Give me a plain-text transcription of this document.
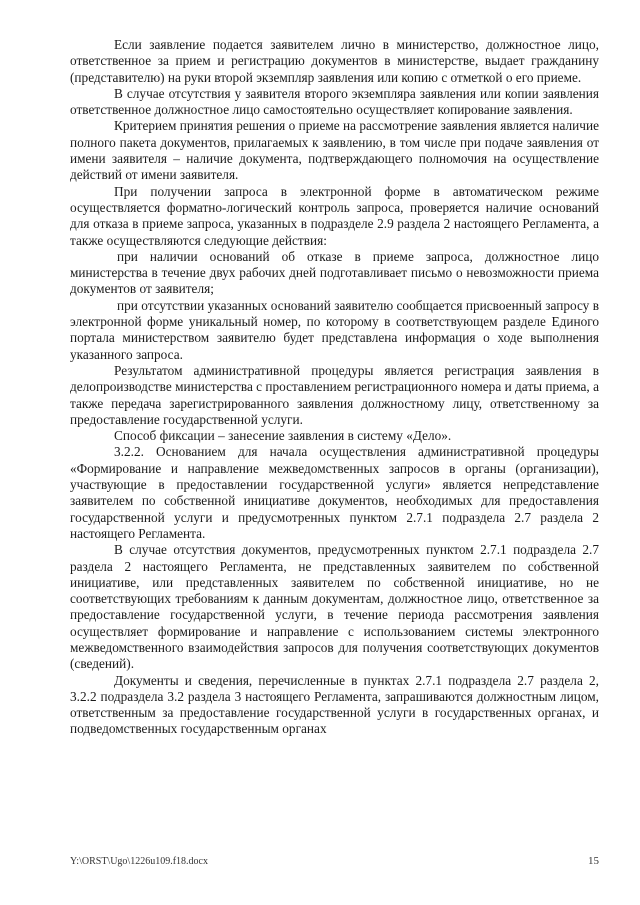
Если заявление подается заявителем лично в министерство, должностное лицо, ответственное за прием и регистрацию документов в министерстве, выдает гражданину (представителю) на руки второй экземпляр заявления или копию с отметкой о его приеме.

В случае отсутствия у заявителя второго экземпляра заявления или копии заявления ответственное должностное лицо самостоятельно осуществляет копирование заявления.

Критерием принятия решения о приеме на рассмотрение заявления является наличие полного пакета документов, прилагаемых к заявлению, в том числе при подаче заявления от имени заявителя – наличие документа, подтверждающего полномочия на осуществление действий от имени заявителя.

При получении запроса в электронной форме в автоматическом режиме осуществляется форматно-логический контроль запроса, проверяется наличие оснований для отказа в приеме запроса, указанных в подразделе 2.9 раздела 2 настоящего Регламента, а также осуществляются следующие действия:

при наличии оснований об отказе в приеме запроса, должностное лицо министерства в течение двух рабочих дней подготавливает письмо о невозможности приема документов от заявителя;

при отсутствии указанных оснований заявителю сообщается присвоенный запросу в электронной форме уникальный номер, по которому в соответствующем разделе Единого портала министерством заявителю будет представлена информация о ходе выполнения указанного запроса.

Результатом административной процедуры является регистрация заявления в делопроизводстве министерства с проставлением регистрационного номера и даты приема, а также передача зарегистрированного заявления должностному лицу, ответственному за предоставление государственной услуги.

Способ фиксации – занесение заявления в систему «Дело».

3.2.2. Основанием для начала осуществления административной процедуры «Формирование и направление межведомственных запросов в органы (организации), участвующие в предоставлении государственной услуги» является непредставление заявителем по собственной инициативе документов, необходимых для предоставления государственной услуги и предусмотренных пунктом 2.7.1 подраздела 2.7 раздела 2 настоящего Регламента.

В случае отсутствия документов, предусмотренных пунктом 2.7.1 подраздела 2.7 раздела 2 настоящего Регламента, не представленных заявителем по собственной инициативе, или представленных заявителем по собственной инициативе, но не соответствующих требованиям к данным документам, должностное лицо, ответственное за предоставление государственной услуги, в течение периода рассмотрения заявления осуществляет формирование и направление с использованием системы электронного межведомственного взаимодействия запросов для получения соответствующих документов (сведений).

Документы и сведения, перечисленные в пунктах 2.7.1 подраздела 2.7 раздела 2, 3.2.2 подраздела 3.2 раздела 3 настоящего Регламента, запрашиваются должностным лицом, ответственным за предоставление государственной услуги в государственных органах, и подведомственных государственным органах

Y:\ORST\Ugo\1226u109.f18.docx	15
